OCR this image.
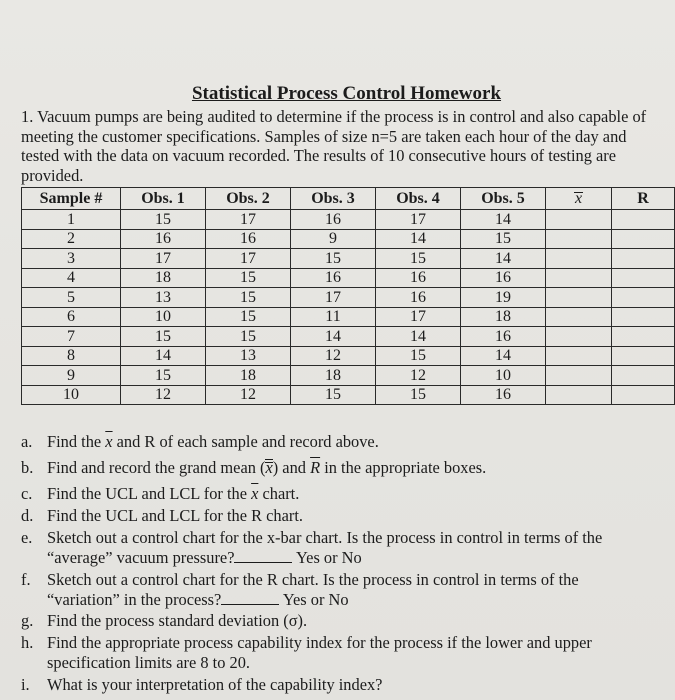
Statistical Process Control Homework
1. Vacuum pumps are being audited to determine if the process is in control and also capable of meeting the customer specifications. Samples of size n=5 are taken each hour of the day and tested with the data on vacuum recorded. The results of 10 consecutive hours of testing are provided.
Sample #	Obs. 1	Obs. 2	Obs. 3	Obs. 4	Obs. 5	x	R
1	15	17	16	17	14		
2	16	16	9	14	15		
3	17	17	15	15	14		
4	18	15	16	16	16		
5	13	15	17	16	19		
6	10	15	11	17	18		
7	15	15	14	14	16		
8	14	13	12	15	14		
9	15	18	18	12	10		
10	12	12	15	15	16		
a. Find the $\overline{x}$ and R of each sample and record above.
b. Find and record the grand mean (x) and $\overline{R}$ in the appropriate boxes.
c. Find the UCL and LCL for the $\overline{x}$ chart.
d. Find the UCL and LCL for the R chart.
e. Sketch out a control chart for the x-bar chart. Is the process in control in terms of the
“average” vacuum pressure?	Yes or No
f. Sketch out a control chart for the R chart. Is the process in control in terms of the
“variation” in the process?	Yes or No
g. Find the process standard deviation (σ).
h. Find the appropriate process capability index for the process if the lower and upper
specification limits are 8 to 20.
i. What is your interpretation of the capability index?
